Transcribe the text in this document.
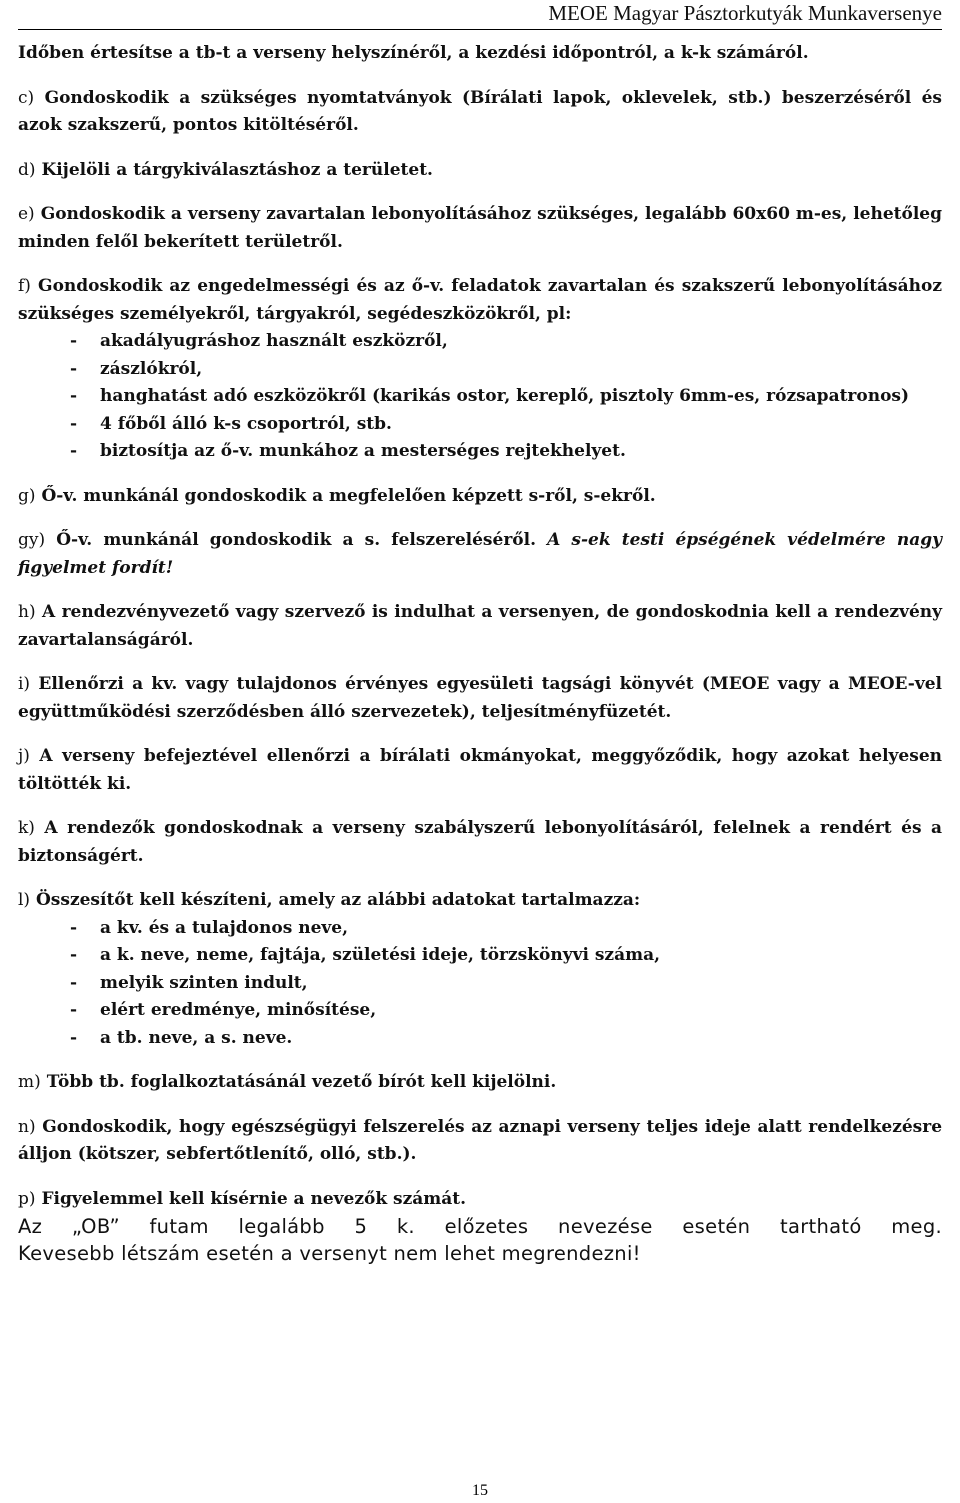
MEOE Magyar Pásztorkutyák Munkaversenye

Időben értesítse a tb-t a verseny helyszínéről, a kezdési időpontról, a k-k számáról.

c) Gondoskodik a szükséges nyomtatványok (Bírálati lapok, oklevelek, stb.) beszerzéséről és azok szakszerű, pontos kitöltéséről.

d) Kijelöli a tárgykiválasztáshoz a területet.

e) Gondoskodik a verseny zavartalan lebonyolításához szükséges, legalább 60x60 m-es, lehetőleg minden felől bekerített területről.

f) Gondoskodik az engedelmességi és az ő-v. feladatok zavartalan és szakszerű lebonyolításához szükséges személyekről, tárgyakról, segédeszközökről, pl:
- akadályugráshoz használt eszközről,
- zászlókról,
- hanghatást adó eszközökről (karikás ostor, kereplő, pisztoly 6mm-es, rózsapatronos)
- 4 főből álló k-s csoportról, stb.
- biztosítja az ő-v. munkához a mesterséges rejtekhelyet.

g) Ő-v. munkánál gondoskodik a megfelelően képzett s-ről, s-ekről.

gy) Ő-v. munkánál gondoskodik a s. felszereléséről. A s-ek testi épségének védelmére nagy figyelmet fordít!

h) A rendezvényvezető vagy szervező is indulhat a versenyen, de gondoskodnia kell a rendezvény zavartalanságáról.

i) Ellenőrzi a kv. vagy tulajdonos érvényes egyesületi tagsági könyvét (MEOE vagy a MEOE-vel együttműködési szerződésben álló szervezetek), teljesítményfüzetét.

j) A verseny befejeztével ellenőrzi a bírálati okmányokat, meggyőződik, hogy azokat helyesen töltötték ki.

k) A rendezők gondoskodnak a verseny szabályszerű lebonyolításáról, felelnek a rendért és a biztonságért.

l) Összesítőt kell készíteni, amely az alábbi adatokat tartalmazza:
- a kv. és a tulajdonos neve,
- a k. neve, neme, fajtája, születési ideje, törzskönyvi száma,
- melyik szinten indult,
- elért eredménye, minősítése,
- a tb. neve, a s. neve.

m) Több tb. foglalkoztatásánál vezető bírót kell kijelölni.

n) Gondoskodik, hogy egészségügyi felszerelés az aznapi verseny teljes ideje alatt rendelkezésre álljon (kötszer, sebfertőtlenítő, olló, stb.).

p) Figyelemmel kell kísérnie a nevezők számát.

Az „OB” futam legalább 5 k. előzetes nevezése esetén tartható meg.

Kevesebb létszám esetén a versenyt nem lehet megrendezni!

15
